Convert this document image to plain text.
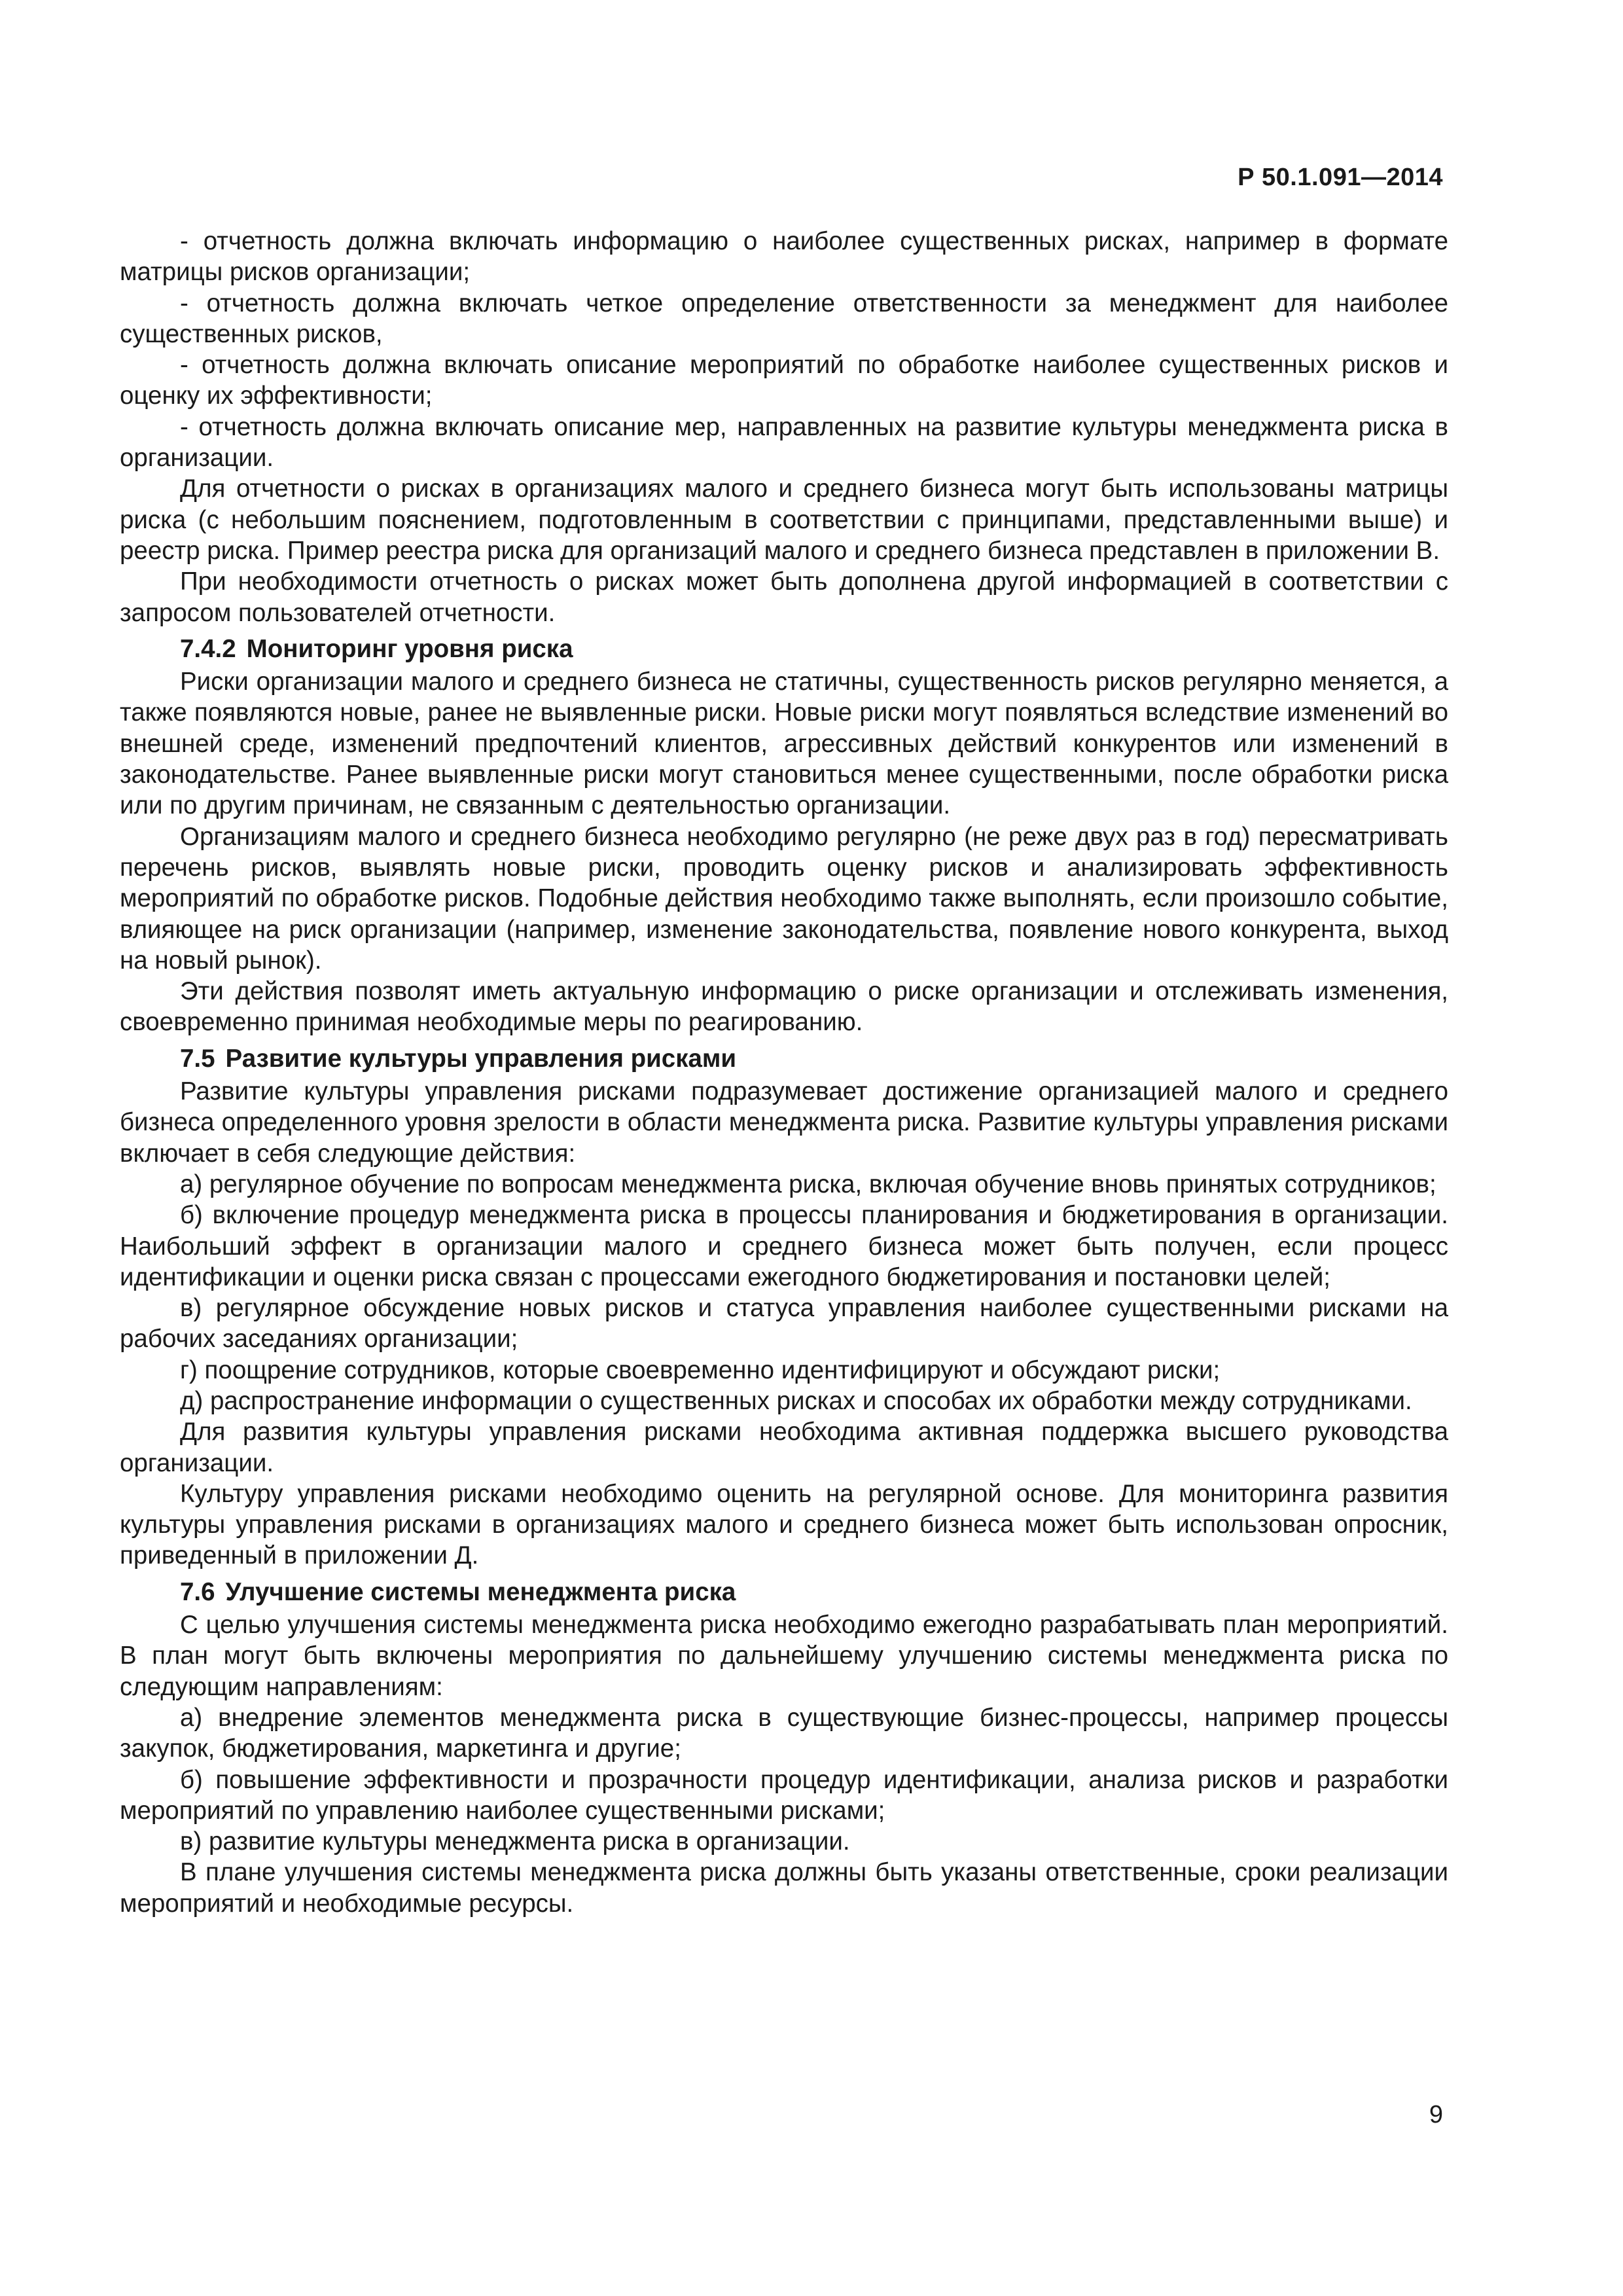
Р 50.1.091—2014

- отчетность должна включать информацию о наиболее существенных рисках, например в формате матрицы рисков организации;

- отчетность должна включать четкое определение ответственности за менеджмент для наиболее существенных рисков,

- отчетность должна включать описание мероприятий по обработке наиболее существенных рисков и оценку их эффективности;

- отчетность должна включать описание мер, направленных на развитие культуры менеджмента риска в организации.

Для отчетности о рисках в организациях малого и среднего бизнеса могут быть использованы матрицы риска (с небольшим пояснением, подготовленным в соответствии с принципами, представленными выше) и реестр риска. Пример реестра риска для организаций малого и среднего бизнеса представлен в приложении В.

При необходимости отчетность о рисках может быть дополнена другой информацией в соответствии с запросом пользователей отчетности.

7.4.2 Мониторинг уровня риска

Риски организации малого и среднего бизнеса не статичны, существенность рисков регулярно меняется, а также появляются новые, ранее не выявленные риски. Новые риски могут появляться вследствие изменений во внешней среде, изменений предпочтений клиентов, агрессивных действий конкурентов или изменений в законодательстве. Ранее выявленные риски могут становиться менее существенными, после обработки риска или по другим причинам, не связанным с деятельностью организации.

Организациям малого и среднего бизнеса необходимо регулярно (не реже двух раз в год) пересматривать перечень рисков, выявлять новые риски, проводить оценку рисков и анализировать эффективность мероприятий по обработке рисков. Подобные действия необходимо также выполнять, если произошло событие, влияющее на риск организации (например, изменение законодательства, появление нового конкурента, выход на новый рынок).

Эти действия позволят иметь актуальную информацию о риске организации и отслеживать изменения, своевременно принимая необходимые меры по реагированию.

7.5 Развитие культуры управления рисками

Развитие культуры управления рисками подразумевает достижение организацией малого и среднего бизнеса определенного уровня зрелости в области менеджмента риска. Развитие культуры управления рисками включает в себя следующие действия:

а) регулярное обучение по вопросам менеджмента риска, включая обучение вновь принятых сотрудников;

б) включение процедур менеджмента риска в процессы планирования и бюджетирования в организации. Наибольший эффект в организации малого и среднего бизнеса может быть получен, если процесс идентификации и оценки риска связан с процессами ежегодного бюджетирования и постановки целей;

в) регулярное обсуждение новых рисков и статуса управления наиболее существенными рисками на рабочих заседаниях организации;

г) поощрение сотрудников, которые своевременно идентифицируют и обсуждают риски;

д) распространение информации о существенных рисках и способах их обработки между сотрудниками.

Для развития культуры управления рисками необходима активная поддержка высшего руководства организации.

Культуру управления рисками необходимо оценить на регулярной основе. Для мониторинга развития культуры управления рисками в организациях малого и среднего бизнеса может быть использован опросник, приведенный в приложении Д.

7.6 Улучшение системы менеджмента риска

С целью улучшения системы менеджмента риска необходимо ежегодно разрабатывать план мероприятий. В план могут быть включены мероприятия по дальнейшему улучшению системы менеджмента риска по следующим направлениям:

а) внедрение элементов менеджмента риска в существующие бизнес-процессы, например процессы закупок, бюджетирования, маркетинга и другие;

б) повышение эффективности и прозрачности процедур идентификации, анализа рисков и разработки мероприятий по управлению наиболее существенными рисками;

в) развитие культуры менеджмента риска в организации.

В плане улучшения системы менеджмента риска должны быть указаны ответственные, сроки реализации мероприятий и необходимые ресурсы.

9
